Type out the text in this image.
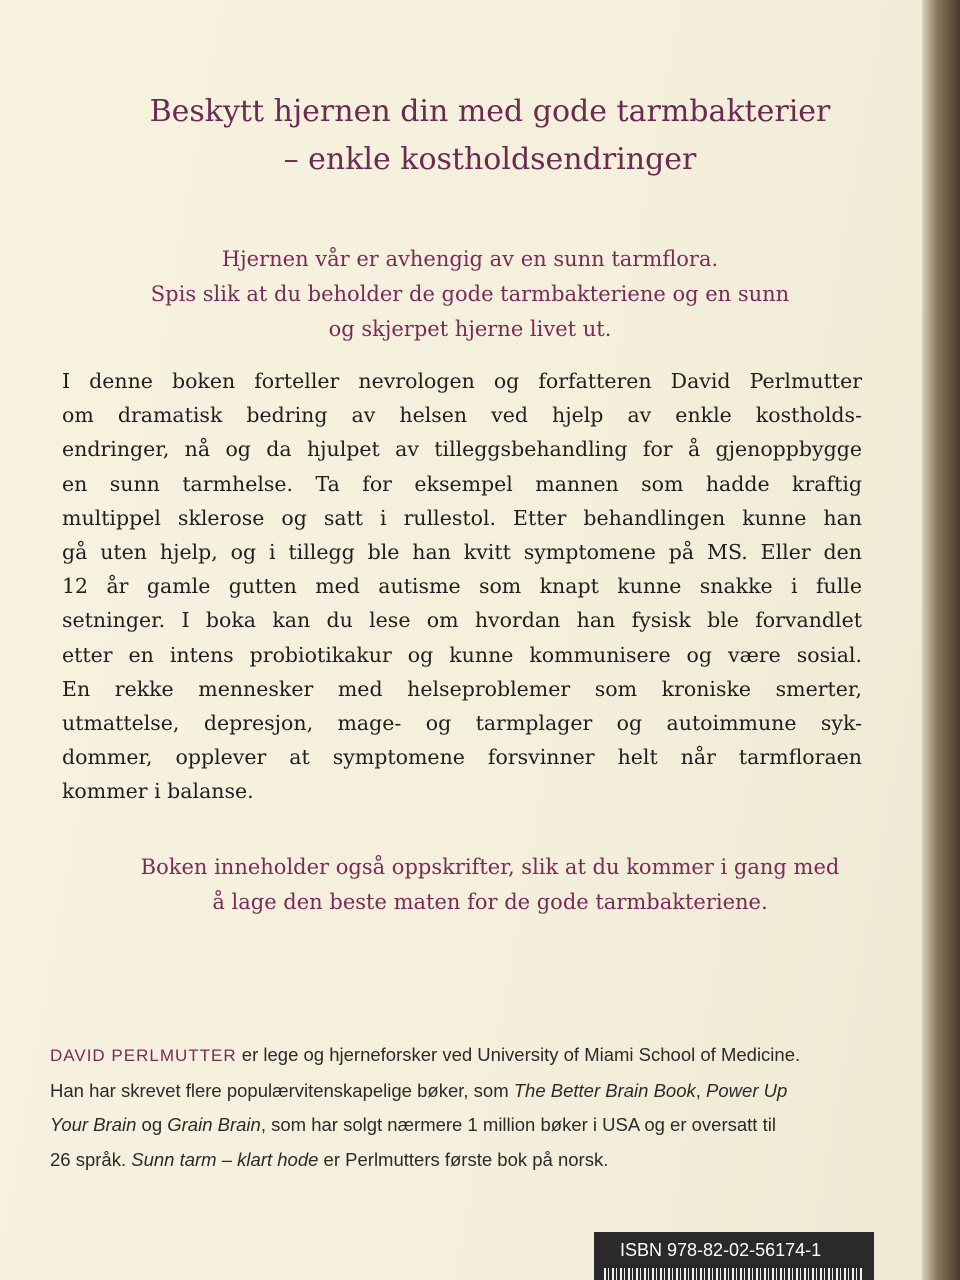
Beskytt hjernen din med gode tarmbakterier
– enkle kostholdsendringer
Hjernen vår er avhengig av en sunn tarmflora.
Spis slik at du beholder de gode tarmbakteriene og en sunn
og skjerpet hjerne livet ut.
I denne boken forteller nevrologen og forfatteren David Perlmutter
om dramatisk bedring av helsen ved hjelp av enkle kostholds-
endringer, nå og da hjulpet av tilleggsbehandling for å gjenoppbygge
en sunn tarmhelse. Ta for eksempel mannen som hadde kraftig
multippel sklerose og satt i rullestol. Etter behandlingen kunne han
gå uten hjelp, og i tillegg ble han kvitt symptomene på MS. Eller den
12 år gamle gutten med autisme som knapt kunne snakke i fulle
setninger. I boka kan du lese om hvordan han fysisk ble forvandlet
etter en intens probiotikakur og kunne kommunisere og være sosial.
En rekke mennesker med helseproblemer som kroniske smerter,
utmattelse, depresjon, mage- og tarmplager og autoimmune syk-
dommer, opplever at symptomene forsvinner helt når tarmfloraen
kommer i balanse.
Boken inneholder også oppskrifter, slik at du kommer i gang med
å lage den beste maten for de gode tarmbakteriene.
DAVID PERLMUTTER er lege og hjerneforsker ved University of Miami School of Medicine.
Han har skrevet flere populærvitenskapelige bøker, som The Better Brain Book, Power Up
Your Brain og Grain Brain, som har solgt nærmere 1 million bøker i USA og er oversatt til
26 språk. Sunn tarm – klart hode er Perlmutters første bok på norsk.
ISBN 978-82-02-56174-1
